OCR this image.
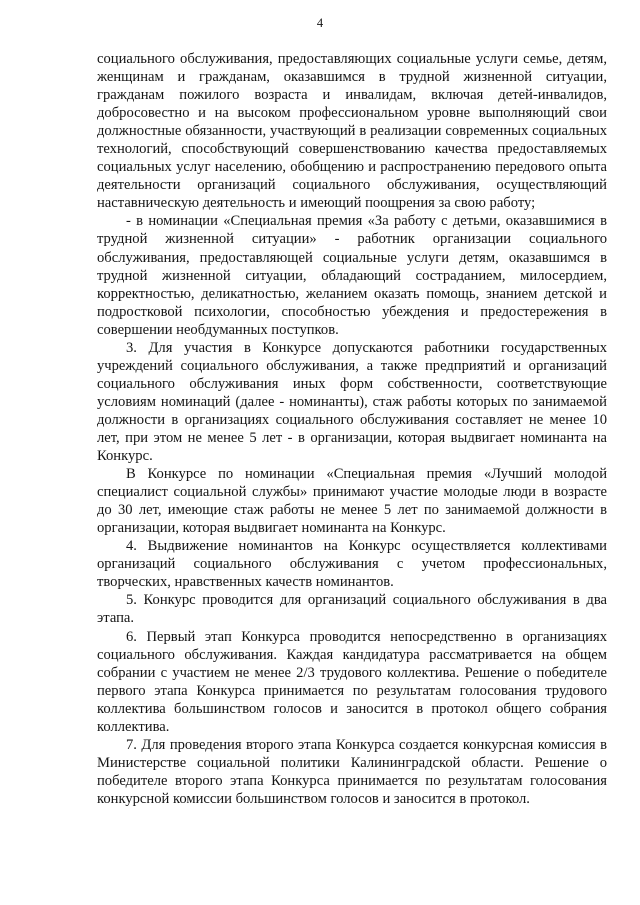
4

социального обслуживания, предоставляющих социальные услуги семье, детям, женщинам и гражданам, оказавшимся в трудной жизненной ситуации, гражданам пожилого возраста и инвалидам, включая детей-инвалидов, добросовестно и на высоком профессиональном уровне выполняющий свои должностные обязанности, участвующий в реализации современных социальных технологий, способствующий совершенствованию качества предоставляемых социальных услуг населению, обобщению и распространению передового опыта деятельности организаций социального обслуживания, осуществляющий наставническую деятельность и имеющий поощрения за свою работу;

- в номинации «Специальная премия «За работу с детьми, оказавшимися в трудной жизненной ситуации» - работник организации социального обслуживания, предоставляющей социальные услуги детям, оказавшимся в трудной жизненной ситуации, обладающий состраданием, милосердием, корректностью, деликатностью, желанием оказать помощь, знанием детской и подростковой психологии, способностью убеждения и предостережения в совершении необдуманных поступков.

3. Для участия в Конкурсе допускаются работники государственных учреждений социального обслуживания, а также предприятий и организаций социального обслуживания иных форм собственности, соответствующие условиям номинаций (далее - номинанты), стаж работы которых по занимаемой должности в организациях социального обслуживания составляет не менее 10 лет, при этом не менее 5 лет - в организации, которая выдвигает номинанта на Конкурс.

В Конкурсе по номинации «Специальная премия «Лучший молодой специалист социальной службы» принимают участие молодые люди в возрасте до 30 лет, имеющие стаж работы не менее 5 лет по занимаемой должности в организации, которая выдвигает номинанта на Конкурс.

4. Выдвижение номинантов на Конкурс осуществляется коллективами организаций социального обслуживания с учетом профессиональных, творческих, нравственных качеств номинантов.

5. Конкурс проводится для организаций социального обслуживания в два этапа.

6. Первый этап Конкурса проводится непосредственно в организациях социального обслуживания. Каждая кандидатура рассматривается на общем собрании с участием не менее 2/3 трудового коллектива. Решение о победителе первого этапа Конкурса принимается по результатам голосования трудового коллектива большинством голосов и заносится в протокол общего собрания коллектива.

7. Для проведения второго этапа Конкурса создается конкурсная комиссия в Министерстве социальной политики Калининградской области. Решение о победителе второго этапа Конкурса принимается по результатам голосования конкурсной комиссии большинством голосов и заносится в протокол.
